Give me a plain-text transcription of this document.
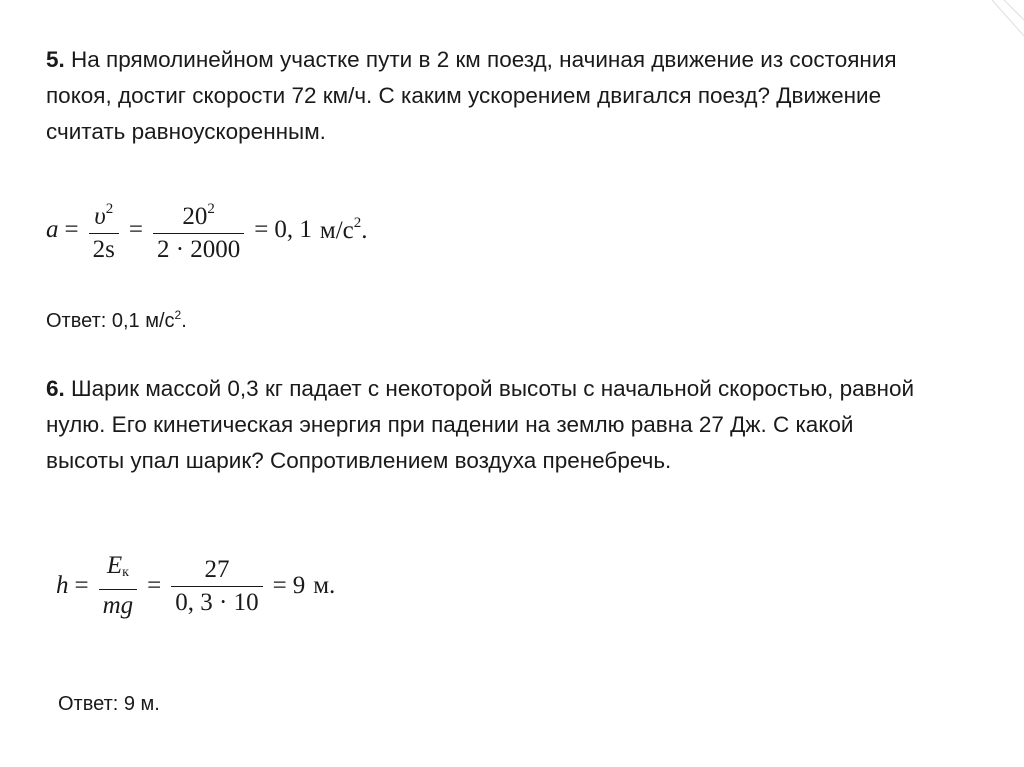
5. На прямолинейном участке пути в 2 км поезд, начиная движение из состояния покоя, достиг скорости 72 км/ч. С каким ускорением двигался поезд? Движение считать равноускоренным.
$a = \frac{\upsilon^2}{2s} = \frac{20^2}{2 \cdot 2000} = 0$, 1 $м/с^2$.
Ответ: 0,1 $м/с^2$.
6. Шарик массой 0,3 кг падает с некоторой высоты с начальной скоростью, равной нулю. Его кинетическая энергия при падении на землю равна 27 Дж. С какой высоты упал шарик? Сопротивлением воздуха пренебречь.
$h = \frac{E_к}{mg} = \frac{27}{0, 3 \cdot 10} = 9$ м.
Ответ: 9 м.
